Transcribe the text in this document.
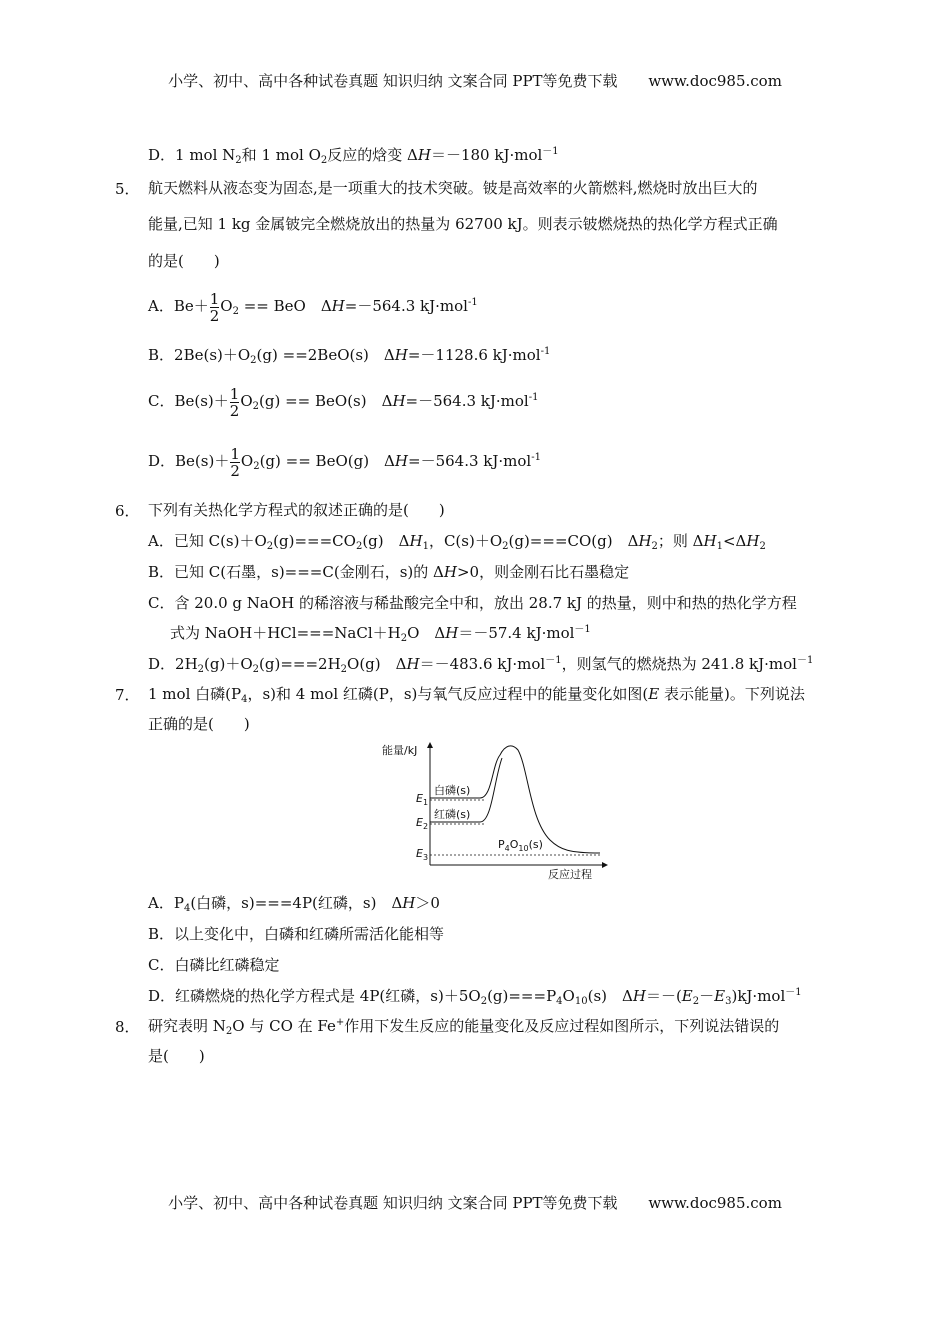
小学、初中、高中各种试卷真题 知识归纳 文案合同 PPT等免费下载 www.doc985.com
D．1 mol $N_2$和 1 mol $O_2$反应的焓变 ΔH＝－180 kJ·mol$^{-1}$
5． 航天燃料从液态变为固态,是一项重大的技术突破。铍是高效率的火箭燃料,燃烧时放出巨大的
能量,已知 1 kg 金属铍完全燃烧放出的热量为 62700 kJ。则表示铍燃烧热的热化学方程式正确
的是(　　)
A．$Be+ \frac{1}{2} O_2$ == BeO　ΔH=－564.3 kJ·mol$^{-1}$
B．$2Be(s)+O_2(g) ==2BeO(s)$　ΔH=－1128.6 kJ·mol$^{-1}$
C．$Be(s)+ \frac{1}{2} O_2(g) == BeO(s)$　ΔH=－564.3 kJ·mol$^{-1}$
D．$Be(s)+ \frac{1}{2} O_2(g) == BeO(g)$　ΔH=－564.3 kJ·mol$^{-1}$
6． 下列有关热化学方程式的叙述正确的是(　　)
A．已知 $C(s)+O_2(g)===CO_2(g)$　$\Delta H_1$，$C(s)+O_2(g)===CO(g)$　$\Delta H_2$；则 $\Delta H_1<\Delta H_2$
B．已知 C(石墨，s)===C(金刚石，s)的 ΔH>0，则金刚石比石墨稳定
C．含 20.0 g NaOH 的稀溶液与稀盐酸完全中和，放出 28.7 kJ 的热量，则中和热的热化学方程
式为 $NaOH+HCl===NaCl+H_2O$　ΔH＝－57.4 kJ·mol$^{-1}$
D．$2H_2(g)+O_2(g)===2H_2O(g)$　ΔH＝－483.6 kJ·mol$^{-1}$，则氢气的燃烧热为 241.8 kJ·mol$^{-1}$
7． 1 mol 白磷($P_4$，s)和 4 mol 红磷(P，s)与氧气反应过程中的能量变化如图(E 表示能量)。下列说法
正确的是(　　)
能量/kJ
反应过程
$E_1$
$E_2$
$E_3$
白磷(s)
红磷(s)
$P_4O_{10}(s)$
A．$P_4$(白磷，s)===4P(红磷，s)　ΔH＞0
B．以上变化中，白磷和红磷所需活化能相等
C．白磷比红磷稳定
D．红磷燃烧的热化学方程式是 4P(红磷，$s)+5O_2(g)===P_4O_{10}(s)$　$\Delta H=-(E_2-E_3)kJ\cdot mol^{-1}$
8． 研究表明 $N_2O$ 与 CO 在 Fe+作用下发生反应的能量变化及反应过程如图所示，下列说法错误的
是(　　)
小学、初中、高中各种试卷真题 知识归纳 文案合同 PPT等免费下载 www.doc985.com
